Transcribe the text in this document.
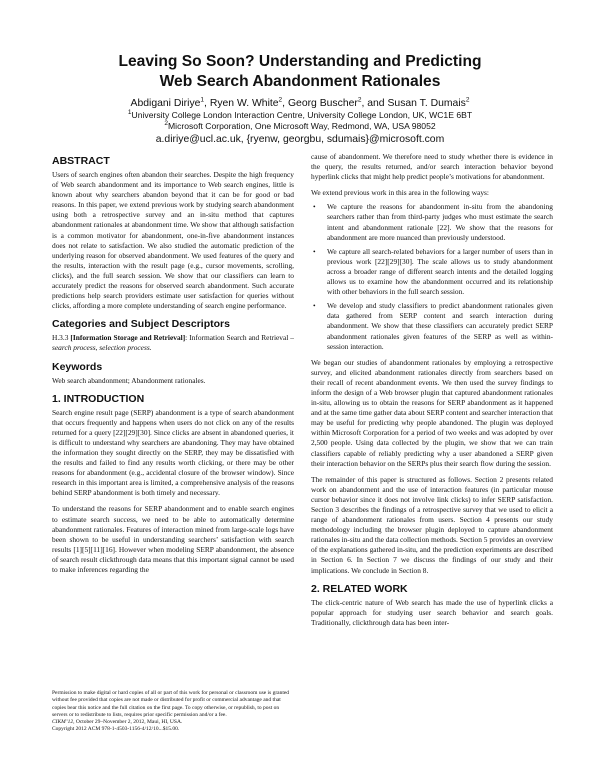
Leaving So Soon? Understanding and Predicting
Web Search Abandonment Rationales
Abdigani Diriye$^1$, Ryen W. White$^2$, Georg Buscher$^2$, and Susan T. Dumais$^2$
$^1$University College London Interaction Centre, University College London, UK, WC1E 6BT
$^2$Microsoft Corporation, One Microsoft Way, Redmond, WA, USA 98052
a.diriye@ucl.ac.uk, {ryenw, georgbu, sdumais}@microsoft.com
ABSTRACT

Users of search engines often abandon their searches. Despite the high frequency of Web search abandonment and its importance to Web search engines, little is known about why searchers abandon beyond that it can be for good or bad reasons. In this paper, we extend previous work by studying search abandonment using both a retrospective survey and an in-situ method that captures abandonment rationales at abandonment time. We show that although satisfaction is a common motivator for abandonment, one-in-five abandonment instances does not relate to satisfaction. We also studied the automatic prediction of the underlying reason for observed abandonment. We used features of the query and the results, interaction with the result page (e.g., cursor movements, scrolling, clicks), and the full search session. We show that our classifiers can learn to accurately predict the reasons for observed search abandonment. Such accurate predictions help search providers estimate user satisfaction for queries without clicks, affording a more complete understanding of search engine performance.

Categories and Subject Descriptors

H.3.3 [Information Storage and Retrieval]: Information Search and Retrieval – search process, selection process.

Keywords

Web search abandonment; Abandonment rationales.

1. INTRODUCTION

Search engine result page (SERP) abandonment is a type of search abandonment that occurs frequently and happens when users do not click on any of the results returned for a query [22][29][30]. Since clicks are absent in abandoned queries, it is difficult to understand why searchers are abandoning. They may have obtained the information they sought directly on the SERP, they may be dissatisfied with the results and failed to find any results worth clicking, or there may be other reasons for abandonment (e.g., accidental closure of the browser window). Since research in this important area is limited, a comprehensive analysis of the reasons behind SERP abandonment is both timely and necessary.

To understand the reasons for SERP abandonment and to enable search engines to estimate search success, we need to be able to automatically determine abandonment rationales. Features of interaction mined from large-scale logs have been shown to be useful in understanding searchers’ satisfaction with search results [1][5][11][16]. However when modeling SERP abandonment, the absence of search result clickthrough data means that this important signal cannot be used to make inferences regarding the

Permission to make digital or hard copies of all or part of this work for personal or classroom use is granted without fee provided that copies are not made or distributed for profit or commercial advantage and that copies bear this notice and the full citation on the first page. To copy otherwise, or republish, to post on servers or to redistribute to lists, requires prior specific permission and/or a fee.

CIKM’12, October 29–November 2, 2012, Maui, HI, USA.

Copyright 2012 ACM 978-1-4503-1156-4/12/10...$15.00.

cause of abandonment. We therefore need to study whether there is evidence in the query, the results returned, and/or search interaction behavior beyond hyperlink clicks that might help predict people’s motivations for abandonment.

We extend previous work in this area in the following ways:

• We capture the reasons for abandonment in-situ from the abandoning searchers rather than from third-party judges who must estimate the search intent and abandonment rationale [22]. We show that the reasons for abandonment are more nuanced than previously understood.
• We capture all search-related behaviors for a larger number of users than in previous work [22][29][30]. The scale allows us to study abandonment across a broader range of different search intents and the detailed logging allows us to examine how the abandonment occurred and its relationship with other behaviors in the full search session.
• We develop and study classifiers to predict abandonment rationales given data gathered from SERP content and search interaction during abandonment. We show that these classifiers can accurately predict SERP abandonment rationales given features of the SERP as well as within-session interaction.

We began our studies of abandonment rationales by employing a retrospective survey, and elicited abandonment rationales directly from searchers based on their recall of recent abandonment events. We then used the survey findings to inform the design of a Web browser plugin that captured abandonment rationales in-situ, allowing us to obtain the reasons for SERP abandonment as it happened and at the same time gather data about SERP content and searcher interaction that may be useful for predicting why people abandoned. The plugin was deployed within Microsoft Corporation for a period of two weeks and was adopted by over 2,500 people. Using data collected by the plugin, we show that we can train classifiers capable of reliably predicting why a user abandoned a SERP given their interaction behavior on the SERPs plus their search flow during the session.

The remainder of this paper is structured as follows. Section 2 presents related work on abandonment and the use of interaction features (in particular mouse cursor behavior since it does not involve link clicks) to infer SERP satisfaction. Section 3 describes the findings of a retrospective survey that we used to elicit a range of abandonment rationales from users. Section 4 presents our study methodology including the browser plugin deployed to capture abandonment rationales in-situ and the data collection methods. Section 5 provides an overview of the explanations gathered in-situ, and the prediction experiments are described in Section 6. In Section 7 we discuss the findings of our study and their implications. We conclude in Section 8.

2. RELATED WORK

The click-centric nature of Web search has made the use of hyperlink clicks a popular approach for studying user search behavior and search goals. Traditionally, clickthrough data has been inter-
